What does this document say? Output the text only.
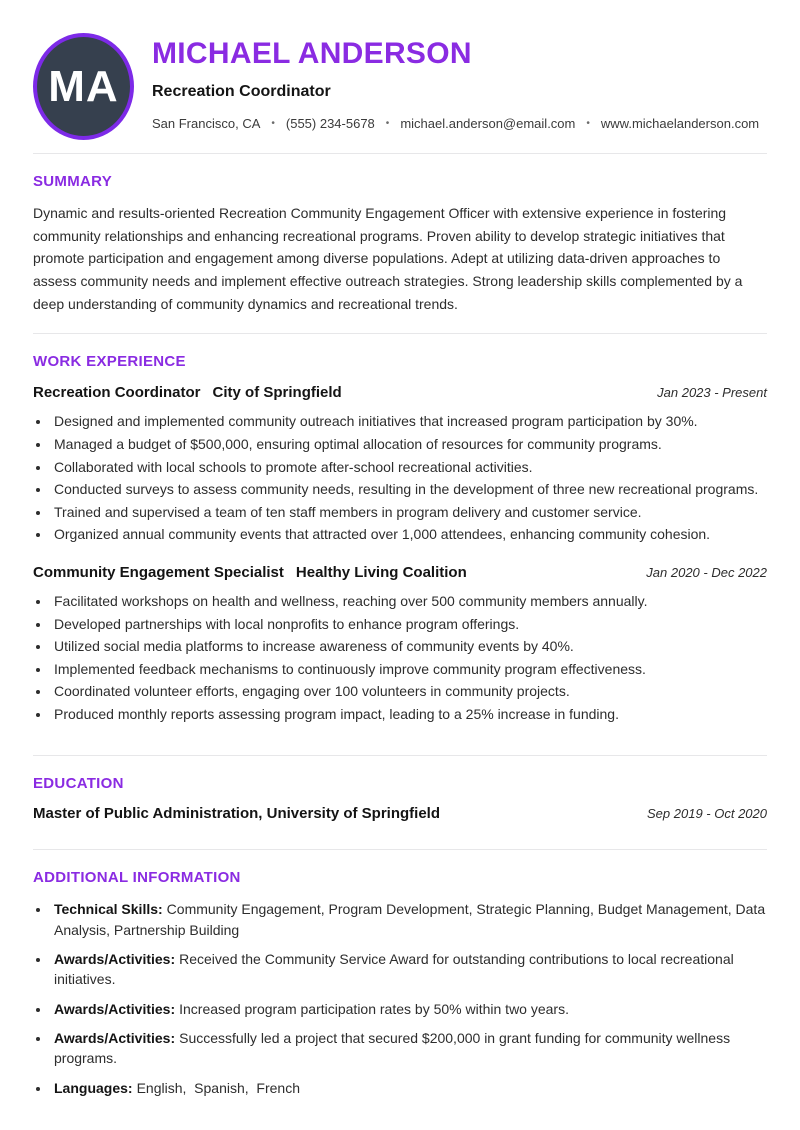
MA
MICHAEL ANDERSON
Recreation Coordinator
San Francisco, CA • (555) 234-5678 • michael.anderson@email.com • www.michaelanderson.com
SUMMARY

Dynamic and results-oriented Recreation Community Engagement Officer with extensive experience in fostering community relationships and enhancing recreational programs. Proven ability to develop strategic initiatives that promote participation and engagement among diverse populations. Adept at utilizing data-driven approaches to assess community needs and implement effective outreach strategies. Strong leadership skills complemented by a deep understanding of community dynamics and recreational trends.

WORK EXPERIENCE
Recreation Coordinator City of Springfield	Jan 2023 - Present
• Designed and implemented community outreach initiatives that increased program participation by 30%.
• Managed a budget of $500,000, ensuring optimal allocation of resources for community programs.
• Collaborated with local schools to promote after-school recreational activities.
• Conducted surveys to assess community needs, resulting in the development of three new recreational programs.
• Trained and supervised a team of ten staff members in program delivery and customer service.
• Organized annual community events that attracted over 1,000 attendees, enhancing community cohesion.
Community Engagement Specialist Healthy Living Coalition	Jan 2020 - Dec 2022
• Facilitated workshops on health and wellness, reaching over 500 community members annually.
• Developed partnerships with local nonprofits to enhance program offerings.
• Utilized social media platforms to increase awareness of community events by 40%.
• Implemented feedback mechanisms to continuously improve community program effectiveness.
• Coordinated volunteer efforts, engaging over 100 volunteers in community projects.
• Produced monthly reports assessing program impact, leading to a 25% increase in funding.
EDUCATION
Master of Public Administration, University of Springfield	Sep 2019 - Oct 2020
ADDITIONAL INFORMATION
• Technical Skills: Community Engagement, Program Development, Strategic Planning, Budget Management, Data Analysis, Partnership Building
• Awards/Activities: Received the Community Service Award for outstanding contributions to local recreational initiatives.
• Awards/Activities: Increased program participation rates by 50% within two years.
• Awards/Activities: Successfully led a project that secured $200,000 in grant funding for community wellness programs.
• Languages: English,  Spanish,  French
